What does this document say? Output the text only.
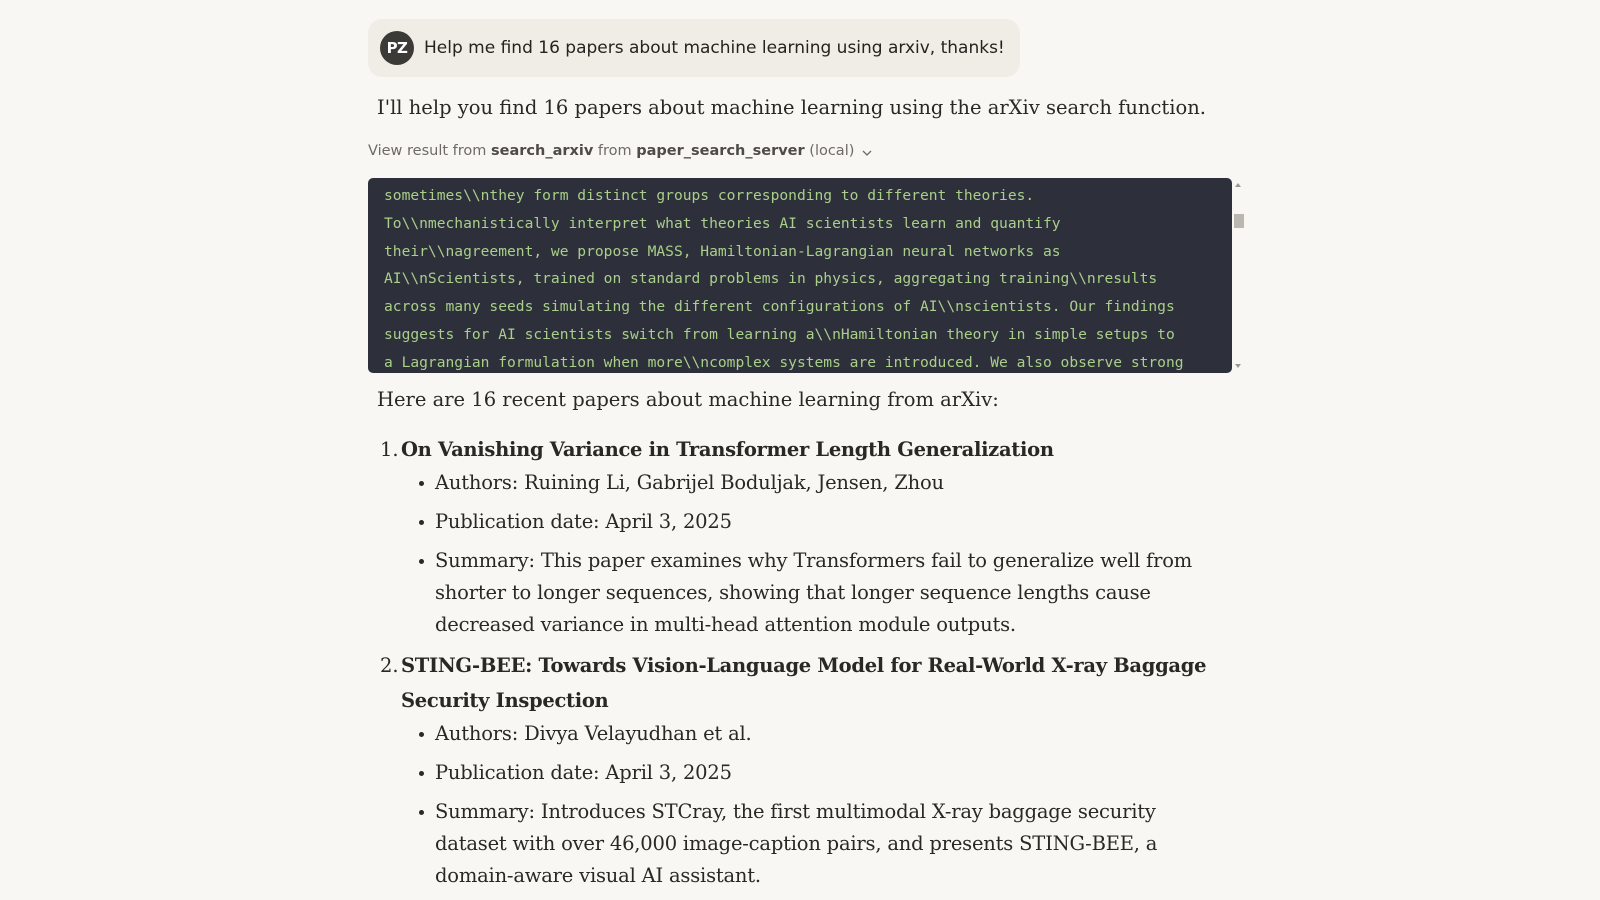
PZ Help me find 16 papers about machine learning using arxiv, thanks!
I'll help you find 16 papers about machine learning using the arXiv search function.
View result from
search_arxiv
from
paper_search_server
(local)
sometimes\\nthey form distinct groups corresponding to different theories.
To\\nmechanistically interpret what theories AI scientists learn and quantify
their\\nagreement, we propose MASS, Hamiltonian-Lagrangian neural networks as
AI\\nScientists, trained on standard problems in physics, aggregating training\\nresults
across many seeds simulating the different configurations of AI\\nscientists. Our findings
suggests for AI scientists switch from learning a\\nHamiltonian theory in simple setups to
a Lagrangian formulation when more\\ncomplex systems are introduced. We also observe strong
Here are 16 recent papers about machine learning from arXiv:
1. On Vanishing Variance in Transformer Length Generalization
Authors: Ruining Li, Gabrijel Boduljak, Jensen, Zhou
Publication date: April 3, 2025
Summary: This paper examines why Transformers fail to generalize well from shorter to longer sequences, showing that longer sequence lengths cause decreased variance in multi-head attention module outputs.
2. STING-BEE: Towards Vision-Language Model for Real-World X-ray Baggage Security Inspection
Authors: Divya Velayudhan et al.
Publication date: April 3, 2025
Summary: Introduces STCray, the first multimodal X-ray baggage security dataset with over 46,000 image-caption pairs, and presents STING-BEE, a domain-aware visual AI assistant.
